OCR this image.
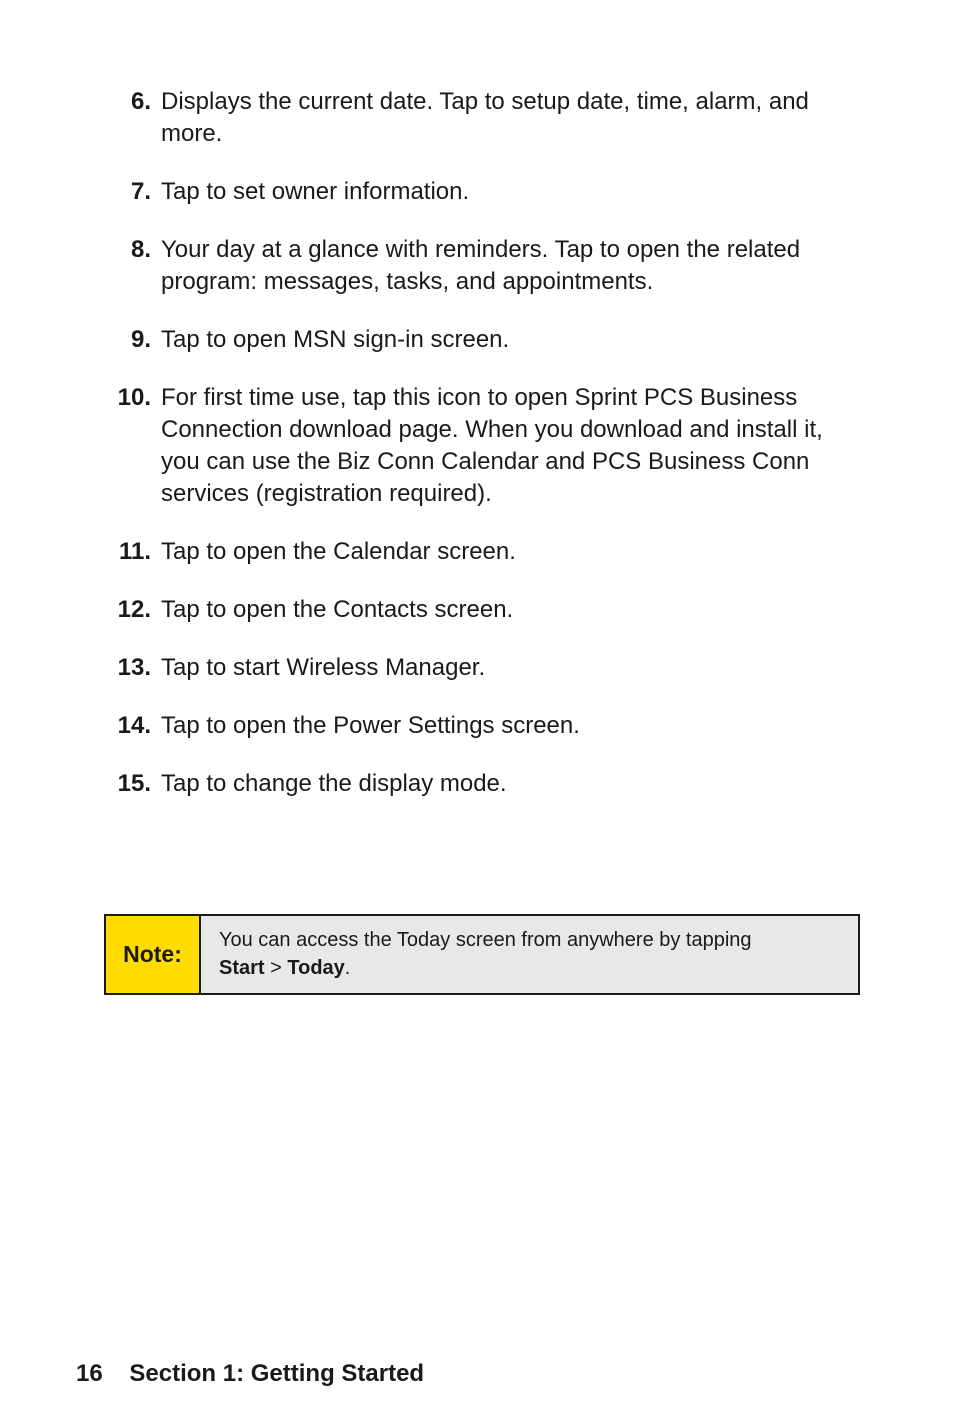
6. Displays the current date. Tap to setup date, time, alarm, and more.
7. Tap to set owner information.
8. Your day at a glance with reminders. Tap to open the related program: messages, tasks, and appointments.
9. Tap to open MSN sign-in screen.
10. For first time use, tap this icon to open Sprint PCS Business Connection download page. When you download and install it, you can use the Biz Conn Calendar and PCS Business Conn services (registration required).
11. Tap to open the Calendar screen.
12. Tap to open the Contacts screen.
13. Tap to start Wireless Manager.
14. Tap to open the Power Settings screen.
15. Tap to change the display mode.
Note:
You can access the Today screen from anywhere by tapping
Start > Today.
16 Section 1: Getting Started
